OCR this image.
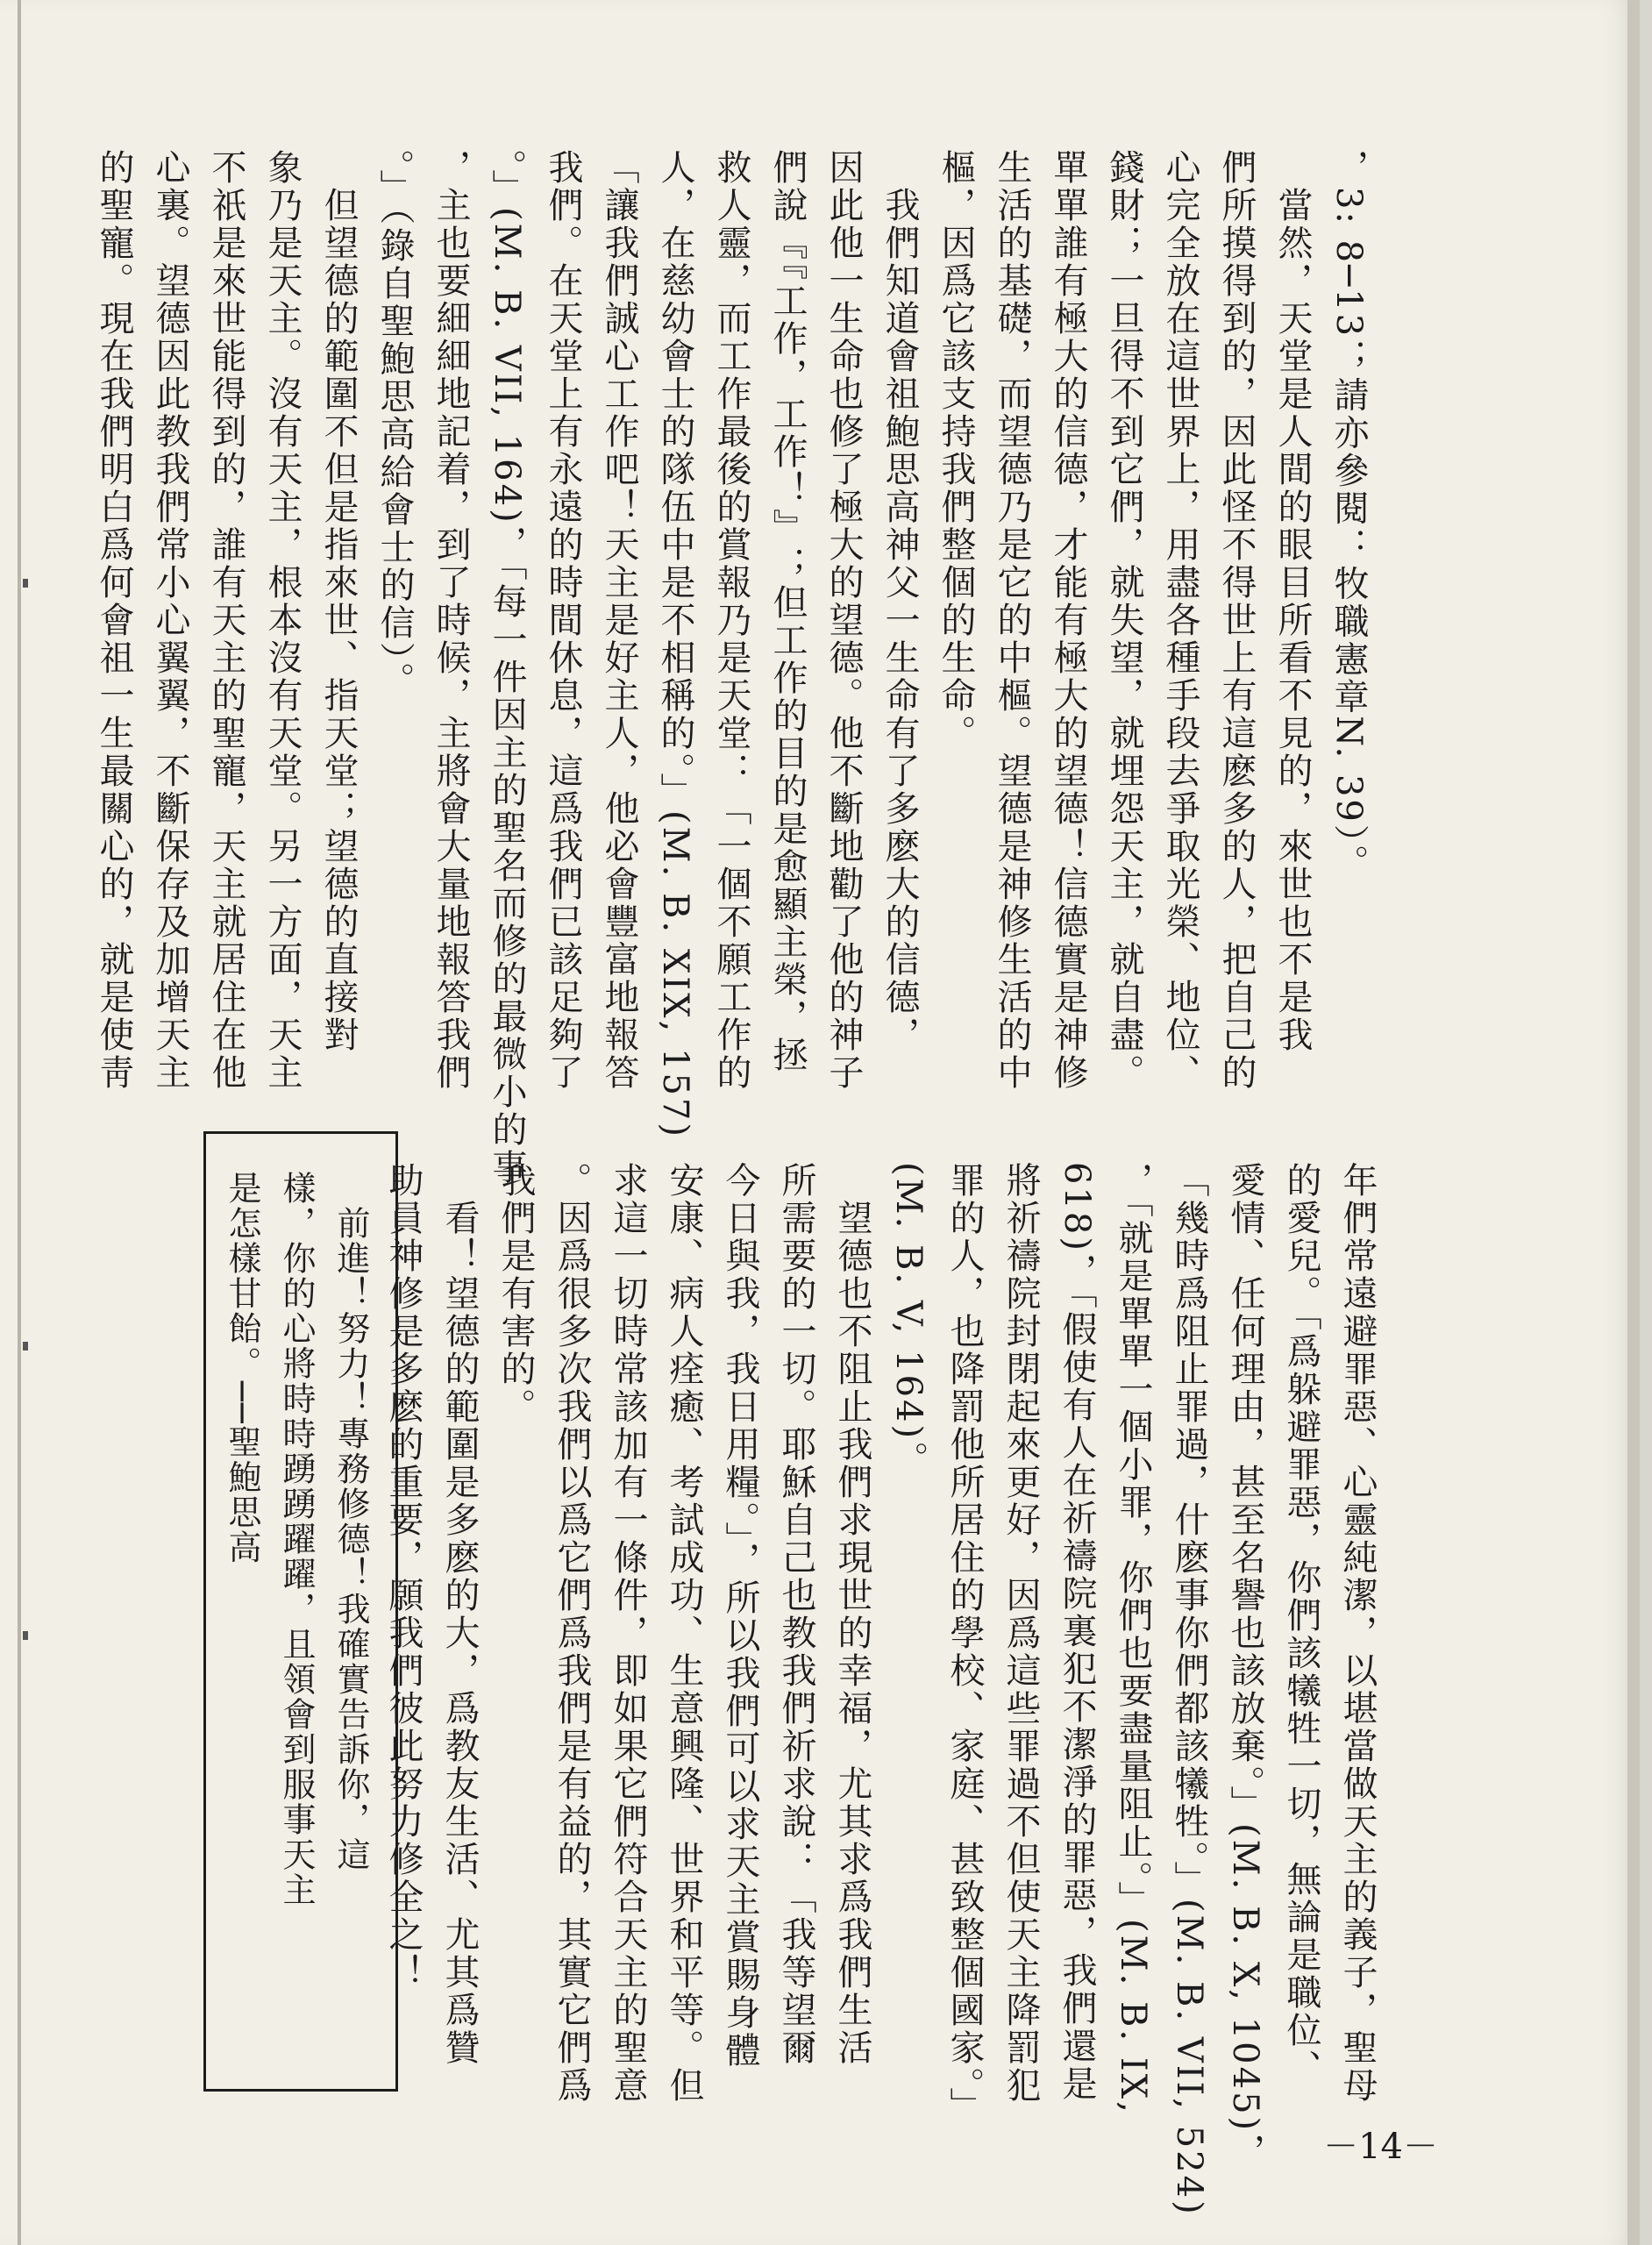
，3: 8─13；請亦參閱：牧職憲章N. 39）。
　當然，天堂是人間的眼目所看不見的，來世也不是我
們所摸得到的，因此怪不得世上有這麽多的人，把自己的
心完全放在這世界上，用盡各種手段去爭取光榮、地位、
錢財；一旦得不到它們，就失望，就埋怨天主，就自盡。
單單誰有極大的信德，才能有極大的望德！信德實是神修
生活的基礎，而望德乃是它的中樞。望德是神修生活的中
樞，因爲它該支持我們整個的生命。
　我們知道會祖鮑思高神父一生命有了多麽大的信德，
因此他一生命也修了極大的望德。他不斷地勸了他的神子
們說『『工作，工作！』；但工作的目的是愈顯主榮，拯
救人靈，而工作最後的賞報乃是天堂：「一個不願工作的
人，在慈幼會士的隊伍中是不相稱的。」(M. B. XIX, 157)
「讓我們誠心工作吧！天主是好主人，他必會豐富地報答
我們。在天堂上有永遠的時間休息，這爲我們已該足夠了
。」(M. B. VII, 164)，「每一件因主的聖名而修的最微小的事
，主也要細細地記着，到了時候，主將會大量地報答我們
。」（錄自聖鮑思高給會士的信）。
　但望德的範圍不但是指來世、指天堂；望德的直接對
象乃是天主。沒有天主，根本沒有天堂。另一方面，天主
不祇是來世能得到的，誰有天主的聖寵，天主就居住在他
心裏。望德因此教我們常小心翼翼，不斷保存及加增天主
的聖寵。現在我們明白爲何會祖一生最關心的，就是使靑
年們常遠避罪惡、心靈純潔，以堪當做天主的義子，聖母
的愛兒。「爲躲避罪惡，你們該犧牲一切，無論是職位、
愛情、任何理由，甚至名譽也該放棄。」(M. B. X, 1045)，
「幾時爲阻止罪過，什麽事你們都該犧牲。」(M. B. VII, 524)
，「就是單單一個小罪，你們也要盡量阻止。」(M. B. IX,
618)，「假使有人在祈禱院裏犯不潔淨的罪惡，我們還是
將祈禱院封閉起來更好，因爲這些罪過不但使天主降罰犯
罪的人，也降罰他所居住的學校、家庭、甚致整個國家。」
(M. B. V, 164)。
　望德也不阻止我們求現世的幸福，尤其求爲我們生活
所需要的一切。耶穌自己也教我們祈求說：「我等望爾
今日與我，我日用糧。」，所以我們可以求天主賞賜身體
安康、病人痊癒、考試成功、生意興隆、世界和平等。但
求這一切時常該加有一條件，即如果它們符合天主的聖意
。因爲很多次我們以爲它們爲我們是有益的，其實它們爲
我們是有害的。
　看！望德的範圍是多麽的大，爲教友生活、尤其爲贊
助員神修是多麽的重要，願我們彼此努力修全之！
　前進！努力！專務修德！我確實告訴你，這
樣，你的心將時時踴踴躍躍，且領會到服事天主
是怎樣甘飴。──聖鮑思高
－14－
